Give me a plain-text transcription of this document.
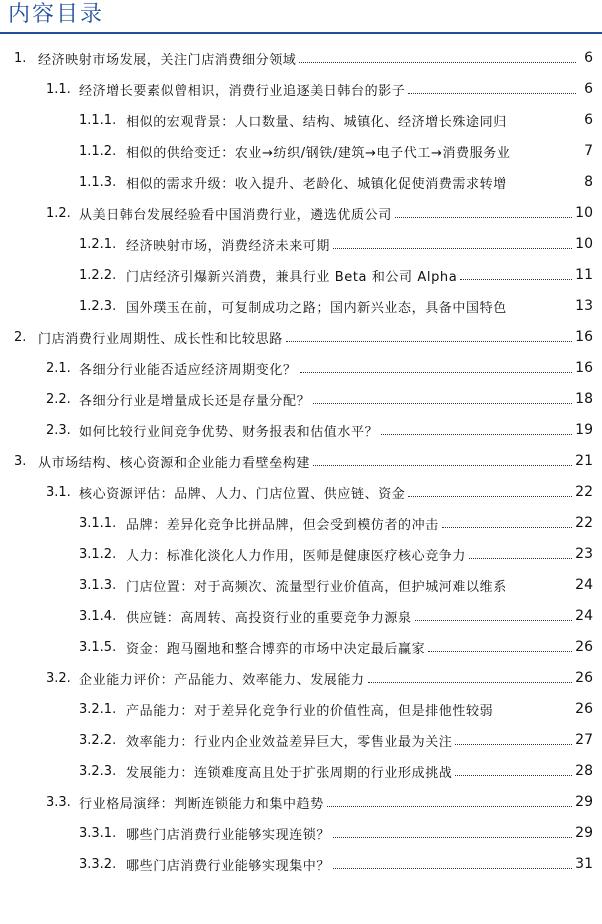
内容目录
1. 经济映射市场发展，关注门店消费细分领域	6
1.1. 经济增长要素似曾相识，消费行业追逐美日韩台的影子	6
1.1.1. 相似的宏观背景：人口数量、结构、城镇化、经济增长殊途同归	6
1.1.2. 相似的供给变迁：农业→纺织/钢铁/建筑→电子代工→消费服务业	7
1.1.3. 相似的需求升级：收入提升、老龄化、城镇化促使消费需求转增	8
1.2. 从美日韩台发展经验看中国消费行业，遴选优质公司	10
1.2.1. 经济映射市场，消费经济未来可期	10
1.2.2. 门店经济引爆新兴消费，兼具行业 Beta 和公司 Alpha	11
1.2.3. 国外璞玉在前，可复制成功之路；国内新兴业态，具备中国特色	13
2. 门店消费行业周期性、成长性和比较思路	16
2.1. 各细分行业能否适应经济周期变化？	16
2.2. 各细分行业是增量成长还是存量分配？	18
2.3. 如何比较行业间竞争优势、财务报表和估值水平？	19
3. 从市场结构、核心资源和企业能力看壁垒构建	21
3.1. 核心资源评估：品牌、人力、门店位置、供应链、资金	22
3.1.1. 品牌：差异化竞争比拼品牌，但会受到模仿者的冲击	22
3.1.2. 人力：标准化淡化人力作用，医师是健康医疗核心竞争力	23
3.1.3. 门店位置：对于高频次、流量型行业价值高，但护城河难以维系	24
3.1.4. 供应链：高周转、高投资行业的重要竞争力源泉	24
3.1.5. 资金：跑马圈地和整合博弈的市场中决定最后赢家	26
3.2. 企业能力评价：产品能力、效率能力、发展能力	26
3.2.1. 产品能力：对于差异化竞争行业的价值性高，但是排他性较弱	26
3.2.2. 效率能力：行业内企业效益差异巨大，零售业最为关注	27
3.2.3. 发展能力：连锁难度高且处于扩张周期的行业形成挑战	28
3.3. 行业格局演绎：判断连锁能力和集中趋势	29
3.3.1. 哪些门店消费行业能够实现连锁？	29
3.3.2. 哪些门店消费行业能够实现集中？	31
